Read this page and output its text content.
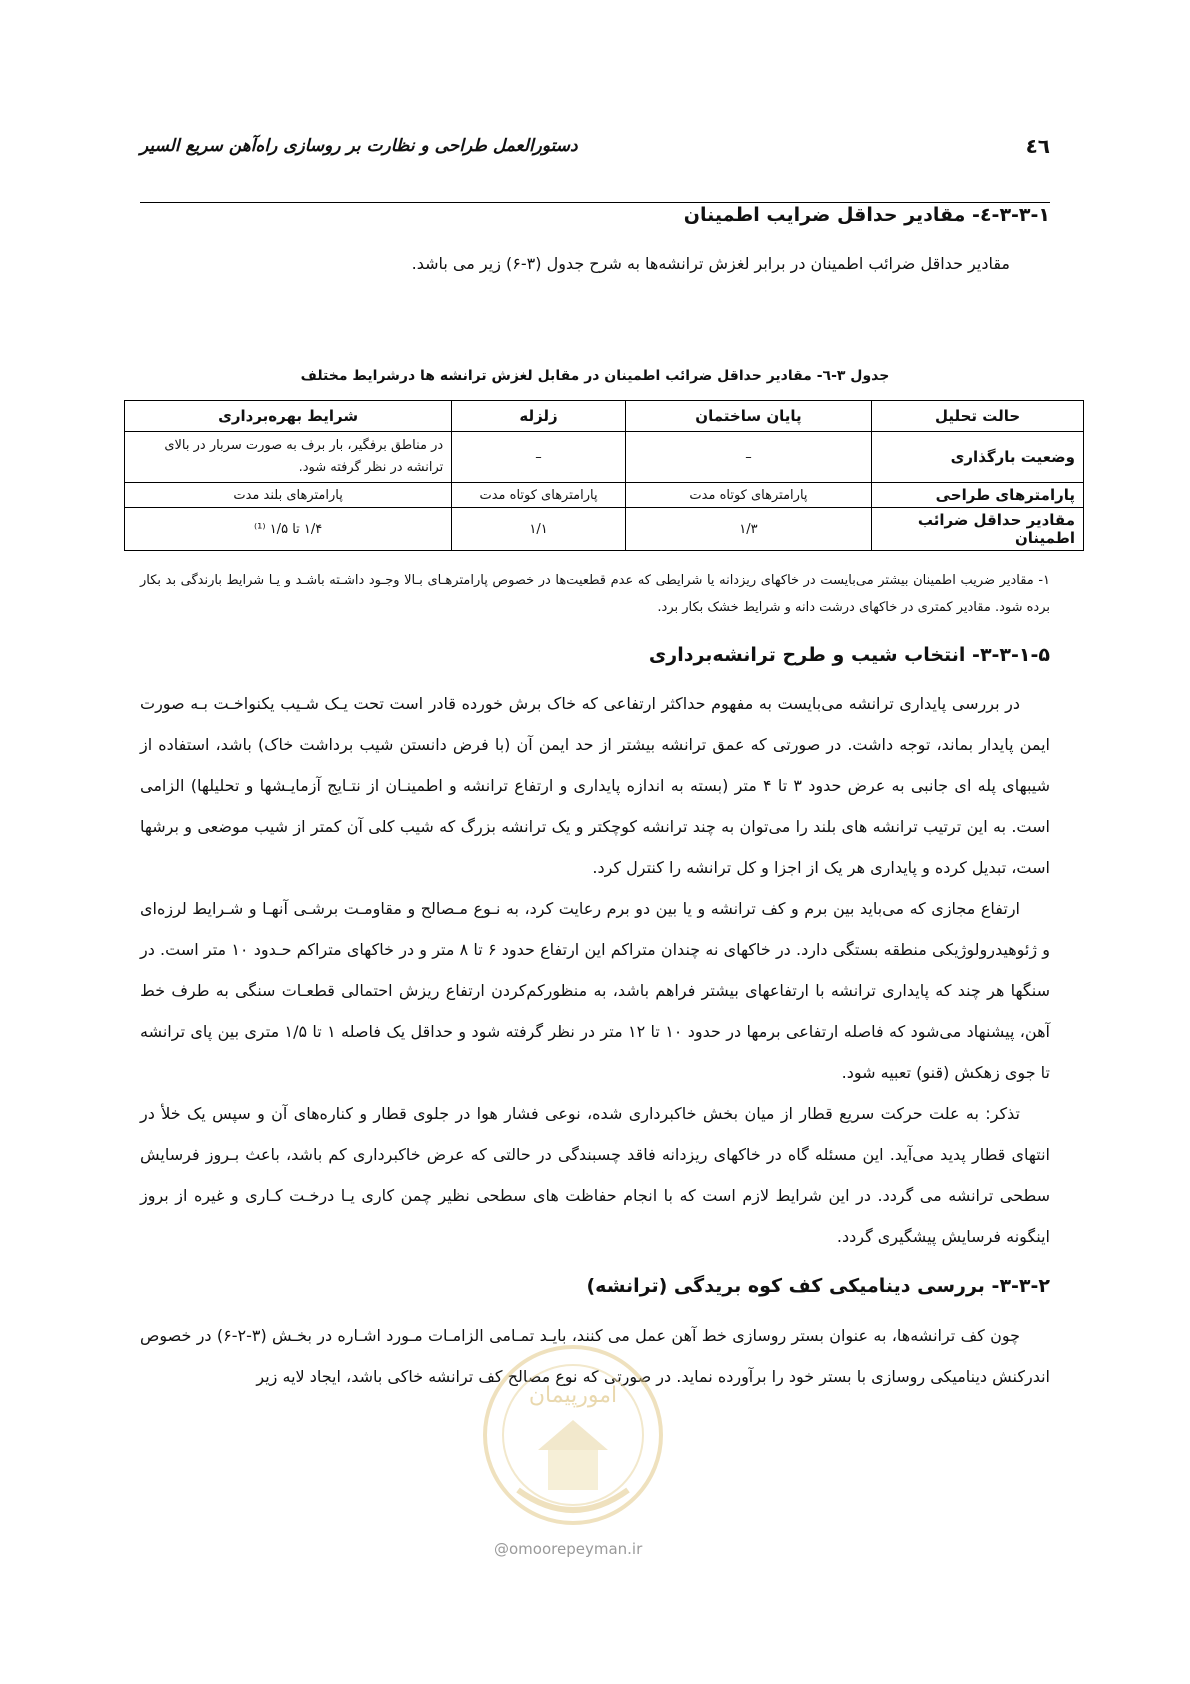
٤٦
دستورالعمل طراحی و نظارت بر روسازی راه‌آهن سریع السیر
۳-۳-۱-٤- مقادیر حداقل ضرایب اطمینان
مقادیر حداقل ضرائب اطمینان در برابر لغزش ترانشه‌ها به شرح جدول (۳-۶) زیر می باشد.
جدول ۳-٦- مقادیر حداقل ضرائب اطمینان در مقابل لغزش ترانشه ها درشرایط مختلف
حالت تحلیل	پایان ساختمان	زلزله	شرایط بهره‌برداری
وضعیت بارگذاری	–	–	در مناطق برفگیر، بار برف به صورت سربار در بالای ترانشه در نظر گرفته شود.
پارامترهای طراحی	پارامترهای کوتاه مدت	پارامترهای کوتاه مدت	پارامترهای بلند مدت
مقادیر حداقل ضرائب اطمینان	۱/۳	۱/۱	۱/۴ تا ۱/۵ ⁽¹⁾
۱- مقادیر ضریب اطمینان بیشتر می‌بایست در خاکهای ریزدانه یا شرایطی که عدم قطعیت‌ها در خصوص پارامترهـای بـالا وجـود داشـته باشـد و یـا شرایط بارندگی بد بکار برده شود. مقادیر کمتری در خاکهای درشت دانه و شرایط خشک بکار برد.
۳-۳-۱-۵- انتخاب شیب و طرح ترانشه‌برداری
در بررسی پایداری ترانشه می‌بایست به مفهوم حداکثر ارتفاعی که خاک برش خورده قادر است تحت یـک شـیب یکنواخـت بـه صورت ایمن پایدار بماند، توجه داشت. در صورتی که عمق ترانشه بیشتر از حد ایمن آن (با فرض دانستن شیب برداشت خاک) باشد، استفاده از شیبهای پله ای جانبی به عرض حدود ۳ تا ۴ متر (بسته به اندازه پایداری و ارتفاع ترانشه و اطمینـان از نتـایج آزمایـشها و تحلیلها) الزامی است. به این ترتیب ترانشه های بلند را می‌توان به چند ترانشه کوچکتر و یک ترانشه بزرگ که شیب کلی آن کمتر از شیب موضعی و برشها است، تبدیل کرده و پایداری هر یک از اجزا و کل ترانشه را کنترل کرد.
ارتفاع مجازی که می‌باید بین برم و کف ترانشه و یا بین دو برم رعایت کرد، به نـوع مـصالح و مقاومـت برشـی آنهـا و شـرایط لرزه‌ای و ژئوهیدرولوژیکی منطقه بستگی دارد. در خاکهای نه چندان متراکم این ارتفاع حدود ۶ تا ۸ متر و در خاکهای متراکم حـدود ۱۰ متر است. در سنگها هر چند که پایداری ترانشه با ارتفاعهای بیشتر فراهم باشد، به منظورکم‌کردن ارتفاع ریزش احتمالی قطعـات سنگی به طرف خط آهن، پیشنهاد می‌شود که فاصله ارتفاعی برمها در حدود ۱۰ تا ۱۲ متر در نظر گرفته شود و حداقل یک فاصله ۱ تا ۱/۵ متری بین پای ترانشه تا جوی زهکش (قنو) تعبیه شود.
تذکر: به علت حرکت سریع قطار از میان بخش خاکبرداری شده، نوعی فشار هوا در جلوی قطار و کناره‌های آن و سپس یک خلأ در انتهای قطار پدید می‌آید. این مسئله گاه در خاکهای ریزدانه فاقد چسبندگی در حالتی که عرض خاکبرداری کم باشد، باعث بـروز فرسایش سطحی ترانشه می گردد. در این شرایط لازم است که با انجام حفاظت های سطحی نظیر چمن کاری یـا درخـت کـاری و غیره از بروز اینگونه فرسایش پیشگیری گردد.
۳-۳-۲- بررسی دینامیکی کف کوه بریدگی (ترانشه)
چون کف ترانشه‌ها، به عنوان بستر روسازی خط آهن عمل می کنند، بایـد تمـامی الزامـات مـورد اشـاره در بخـش (۳-۲-۶) در خصوص اندرکنش دینامیکی روسازی با بستر خود را برآورده نماید. در صورتی که نوع مصالح کف ترانشه خاکی باشد، ایجاد لایه زیر
امورپیمان
@omoorepeyman.ir
